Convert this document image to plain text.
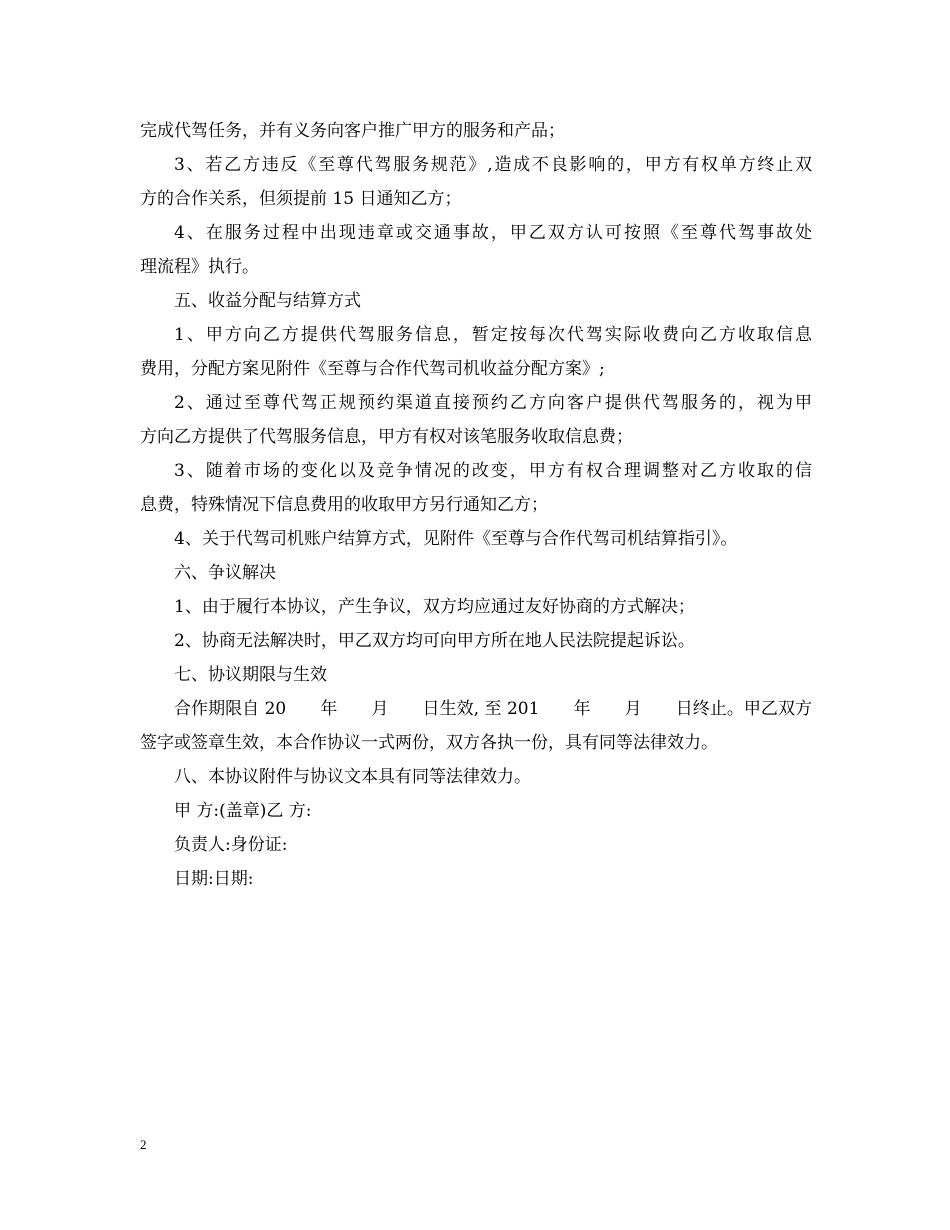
完成代驾任务，并有义务向客户推广甲方的服务和产品；
3、若乙方违反《至尊代驾服务规范》,造成不良影响的，甲方有权单方终止双
方的合作关系，但须提前 15 日通知乙方；
4、在服务过程中出现违章或交通事故，甲乙双方认可按照《至尊代驾事故处
理流程》执行。
五、收益分配与结算方式
1、甲方向乙方提供代驾服务信息，暂定按每次代驾实际收费向乙方收取信息
费用，分配方案见附件《至尊与合作代驾司机收益分配方案》;
2、通过至尊代驾正规预约渠道直接预约乙方向客户提供代驾服务的，视为甲
方向乙方提供了代驾服务信息，甲方有权对该笔服务收取信息费；
3、随着市场的变化以及竞争情况的改变，甲方有权合理调整对乙方收取的信
息费，特殊情况下信息费用的收取甲方另行通知乙方；
4、关于代驾司机账户结算方式，见附件《至尊与合作代驾司机结算指引》。
六、争议解决
1、由于履行本协议，产生争议，双方均应通过友好协商的方式解决；
2、协商无法解决时，甲乙双方均可向甲方所在地人民法院提起诉讼。
七、协议期限与生效
合作期限自 20　　年　　月　　日生效, 至 201　　年　　月　　日终止。甲乙双方
签字或签章生效，本合作协议一式两份，双方各执一份，具有同等法律效力。
八、本协议附件与协议文本具有同等法律效力。
甲 方:(盖章)乙 方:
负责人:身份证:
日期:日期:
2
